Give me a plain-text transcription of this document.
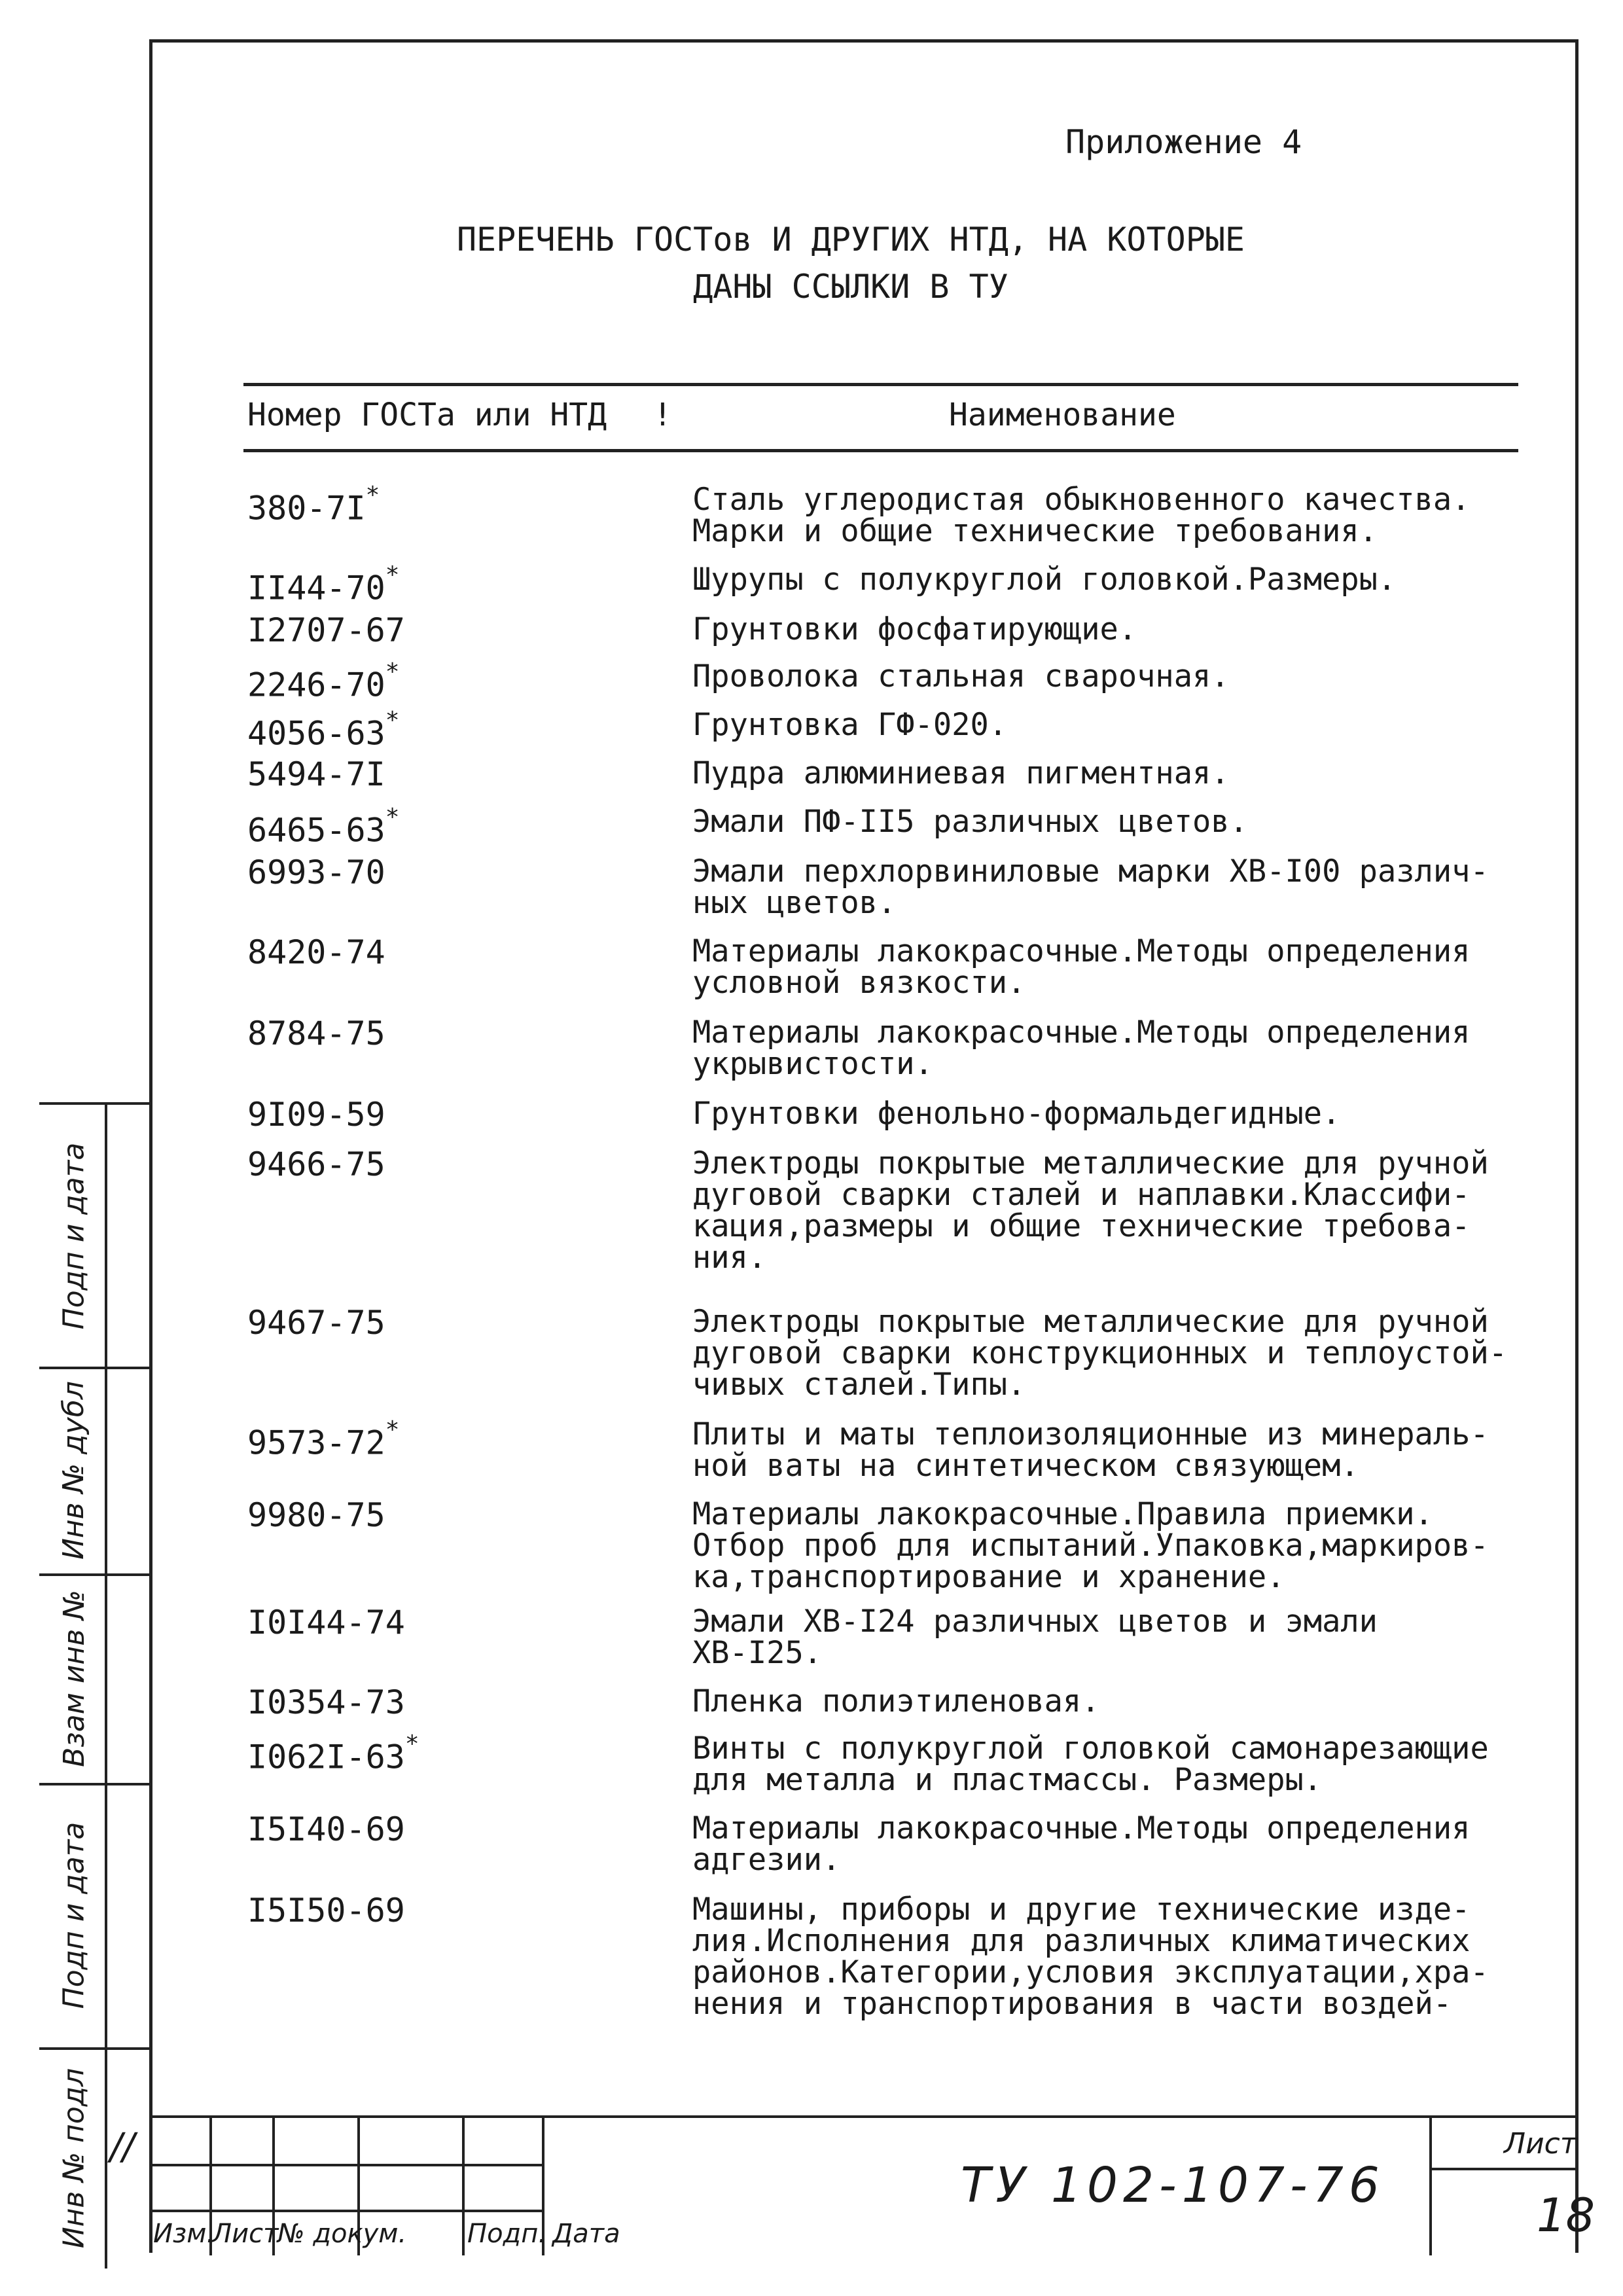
Приложение 4
ПЕРЕЧЕНЬ ГОСТов И ДРУГИХ НТД, НА КОТОРЫЕ
ДАНЫ ССЫЛКИ В ТУ
Номер ГОСТа или НТД !	Наименование
380-7I*	Сталь углеродистая обыкновенного качества.
Марки и общие технические требования.
II44-70*	Шурупы с полукруглой головкой.Размеры.
I2707-67	Грунтовки фосфатирующие.
2246-70*	Проволока стальная сварочная.
4056-63*	Грунтовка ГФ-020.
5494-7I	Пудра алюминиевая пигментная.
6465-63*	Эмали ПФ-II5 различных цветов.
6993-70	Эмали перхлорвиниловые марки ХВ-I00 различ-
ных цветов.
8420-74	Материалы лакокрасочные.Методы определения
условной вязкости.
8784-75	Материалы лакокрасочные.Методы определения
укрывистости.
9I09-59	Грунтовки фенольно-формальдегидные.
9466-75	Электроды покрытые металлические для ручной
дуговой сварки сталей и наплавки.Классифи-
кация,размеры и общие технические требова-
ния.
9467-75	Электроды покрытые металлические для ручной
дуговой сварки конструкционных и теплоустой-
чивых сталей.Типы.
9573-72*	Плиты и маты теплоизоляционные из минераль-
ной ваты на синтетическом связующем.
9980-75	Материалы лакокрасочные.Правила приемки.
Отбор проб для испытаний.Упаковка,маркиров-
ка,транспортирование и хранение.
I0I44-74	Эмали ХВ-I24 различных цветов и эмали
ХВ-I25.
I0354-73	Пленка полиэтиленовая.
I062I-63*	Винты с полукруглой головкой самонарезающие
для металла и пластмассы. Размеры.
I5I40-69	Материалы лакокрасочные.Методы определения
адгезии.
I5I50-69	Машины, приборы и другие технические изде-
лия.Исполнения для различных климатических
районов.Категории,условия эксплуатации,хра-
нения и транспортирования в части воздей-
Подп и дата
Инв № дубл
Взам инв №
Подп и дата
Инв № подл //
Изм.
Лист
№ докум. Подп. Дата
ТУ 102-107-76
Лист
18
